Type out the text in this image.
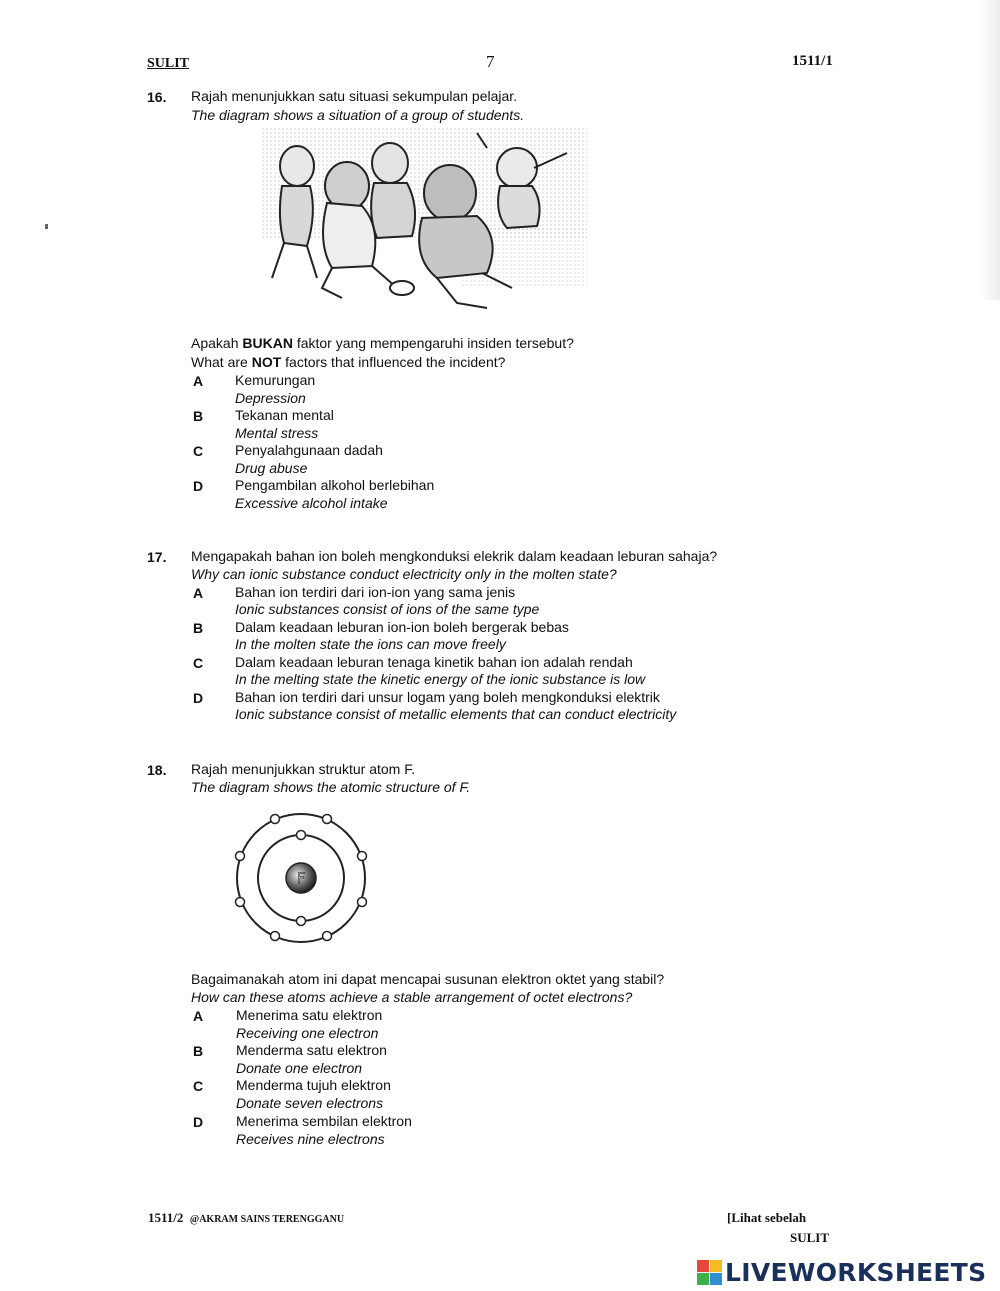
SULIT	7	1511/1
16. Rajah menunjukkan satu situasi sekumpulan pelajar.
The diagram shows a situation of a group of students.
Apakah BUKAN faktor yang mempengaruhi insiden tersebut?
What are NOT factors that influenced the incident?
A Kemurungan
Depression
B Tekanan mental
Mental stress
C Penyalahgunaan dadah
Drug abuse
D Pengambilan alkohol berlebihan
Excessive alcohol intake
17. Mengapakah bahan ion boleh mengkonduksi elekrik dalam keadaan leburan sahaja?
Why can ionic substance conduct electricity only in the molten state?
A Bahan ion terdiri dari ion-ion yang sama jenis
Ionic substances consist of ions of the same type
B Dalam keadaan leburan ion-ion boleh bergerak bebas
In the molten state the ions can move freely
C Dalam keadaan leburan tenaga kinetik bahan ion adalah rendah
In the melting state the kinetic energy of the ionic substance is low
D Bahan ion terdiri dari unsur logam yang boleh mengkonduksi elektrik
Ionic substance consist of metallic elements that can conduct electricity
18. Rajah menunjukkan struktur atom F.
The diagram shows the atomic structure of F.
F
Bagaimanakah atom ini dapat mencapai susunan elektron oktet yang stabil?
How can these atoms achieve a stable arrangement of octet electrons?
A Menerima satu elektron
Receiving one electron
B Menderma satu elektron
Donate one electron
C Menderma tujuh elektron
Donate seven electrons
D Menerima sembilan elektron
Receives nine electrons
1511/2 @AKRAM SAINS TERENGGANU	[Lihat sebelah
SULIT
LIVEWORKSHEETS
